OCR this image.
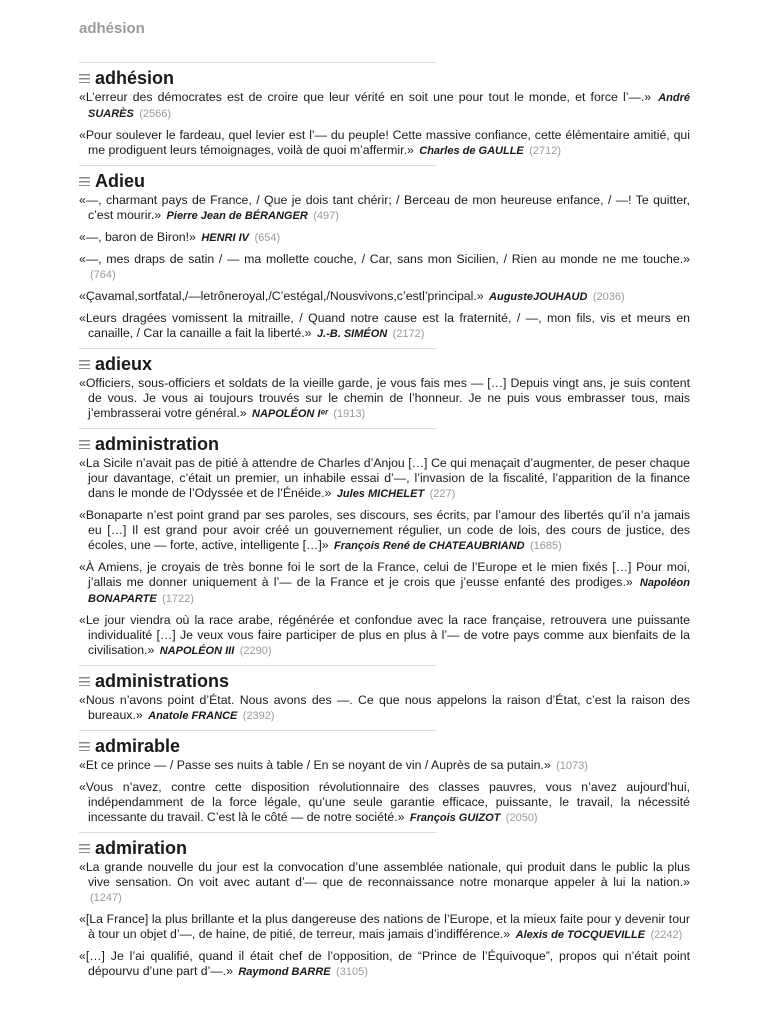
adhésion
adhésion

«L’erreur des démocrates est de croire que leur vérité en soit une pour tout le monde, et force l’—.» André SUARÈS (2566)

«Pour soulever le fardeau, quel levier est l’— du peuple! Cette massive confiance, cette élémentaire amitié, qui me prodiguent leurs témoignages, voilà de quoi m’affermir.» Charles de GAULLE (2712)

Adieu

«—, charmant pays de France, / Que je dois tant chérir; / Berceau de mon heureuse enfance, / —! Te quitter, c’est mourir.» Pierre Jean de BÉRANGER (497)

«—, baron de Biron!» HENRI IV (654)

«—, mes draps de satin / — ma mollette couche, / Car, sans mon Sicilien, / Rien au monde ne me touche.» (764)

«Çavamal,sortfatal,/—letrôneroyal,/C’estégal,/Nousvivons,c’estl’principal.» AugusteJOUHAUD (2036)

«Leurs dragées vomissent la mitraille, / Quand notre cause est la fraternité, / —, mon fils, vis et meurs en canaille, / Car la canaille a fait la liberté.» J.-B. SIMÉON (2172)

adieux

«Officiers, sous-officiers et soldats de la vieille garde, je vous fais mes — […] Depuis vingt ans, je suis content de vous. Je vous ai toujours trouvés sur le chemin de l’honneur. Je ne puis vous embrasser tous, mais j’embrasserai votre général.» NAPOLÉON Iᵉʳ (1913)

administration

«La Sicile n’avait pas de pitié à attendre de Charles d’Anjou […] Ce qui menaçait d’augmenter, de peser chaque jour davantage, c’était un premier, un inhabile essai d’—, l’invasion de la fiscalité, l’apparition de la finance dans le monde de l’Odyssée et de l’Énéide.» Jules MICHELET (227)

«Bonaparte n’est point grand par ses paroles, ses discours, ses écrits, par l’amour des libertés qu’il n’a jamais eu […] Il est grand pour avoir créé un gouvernement régulier, un code de lois, des cours de justice, des écoles, une — forte, active, intelligente […]» François René de CHATEAUBRIAND (1685)

«À Amiens, je croyais de très bonne foi le sort de la France, celui de l’Europe et le mien fixés […] Pour moi, j’allais me donner uniquement à l’— de la France et je crois que j’eusse enfanté des prodiges.» Napoléon BONAPARTE (1722)

«Le jour viendra où la race arabe, régénérée et confondue avec la race française, retrouvera une puissante individualité […] Je veux vous faire participer de plus en plus à l’— de votre pays comme aux bienfaits de la civilisation.» NAPOLÉON III (2290)

administrations

«Nous n’avons point d’État. Nous avons des —. Ce que nous appelons la raison d’État, c’est la raison des bureaux.» Anatole FRANCE (2392)

admirable

«Et ce prince — / Passe ses nuits à table / En se noyant de vin / Auprès de sa putain.» (1073)

«Vous n’avez, contre cette disposition révolutionnaire des classes pauvres, vous n’avez aujourd’hui, indépendamment de la force légale, qu’une seule garantie efficace, puissante, le travail, la nécessité incessante du travail. C’est là le côté — de notre société.» François GUIZOT (2050)

admiration

«La grande nouvelle du jour est la convocation d’une assemblée nationale, qui produit dans le public la plus vive sensation. On voit avec autant d’— que de reconnaissance notre monarque appeler à lui la nation.» (1247)

«[La France] la plus brillante et la plus dangereuse des nations de l’Europe, et la mieux faite pour y devenir tour à tour un objet d’—, de haine, de pitié, de terreur, mais jamais d’indifférence.» Alexis de TOCQUEVILLE (2242)

«[…] Je l’ai qualifié, quand il était chef de l’opposition, de “Prince de l’Équivoque”, propos qui n’était point dépourvu d’une part d’—.» Raymond BARRE (3105)
